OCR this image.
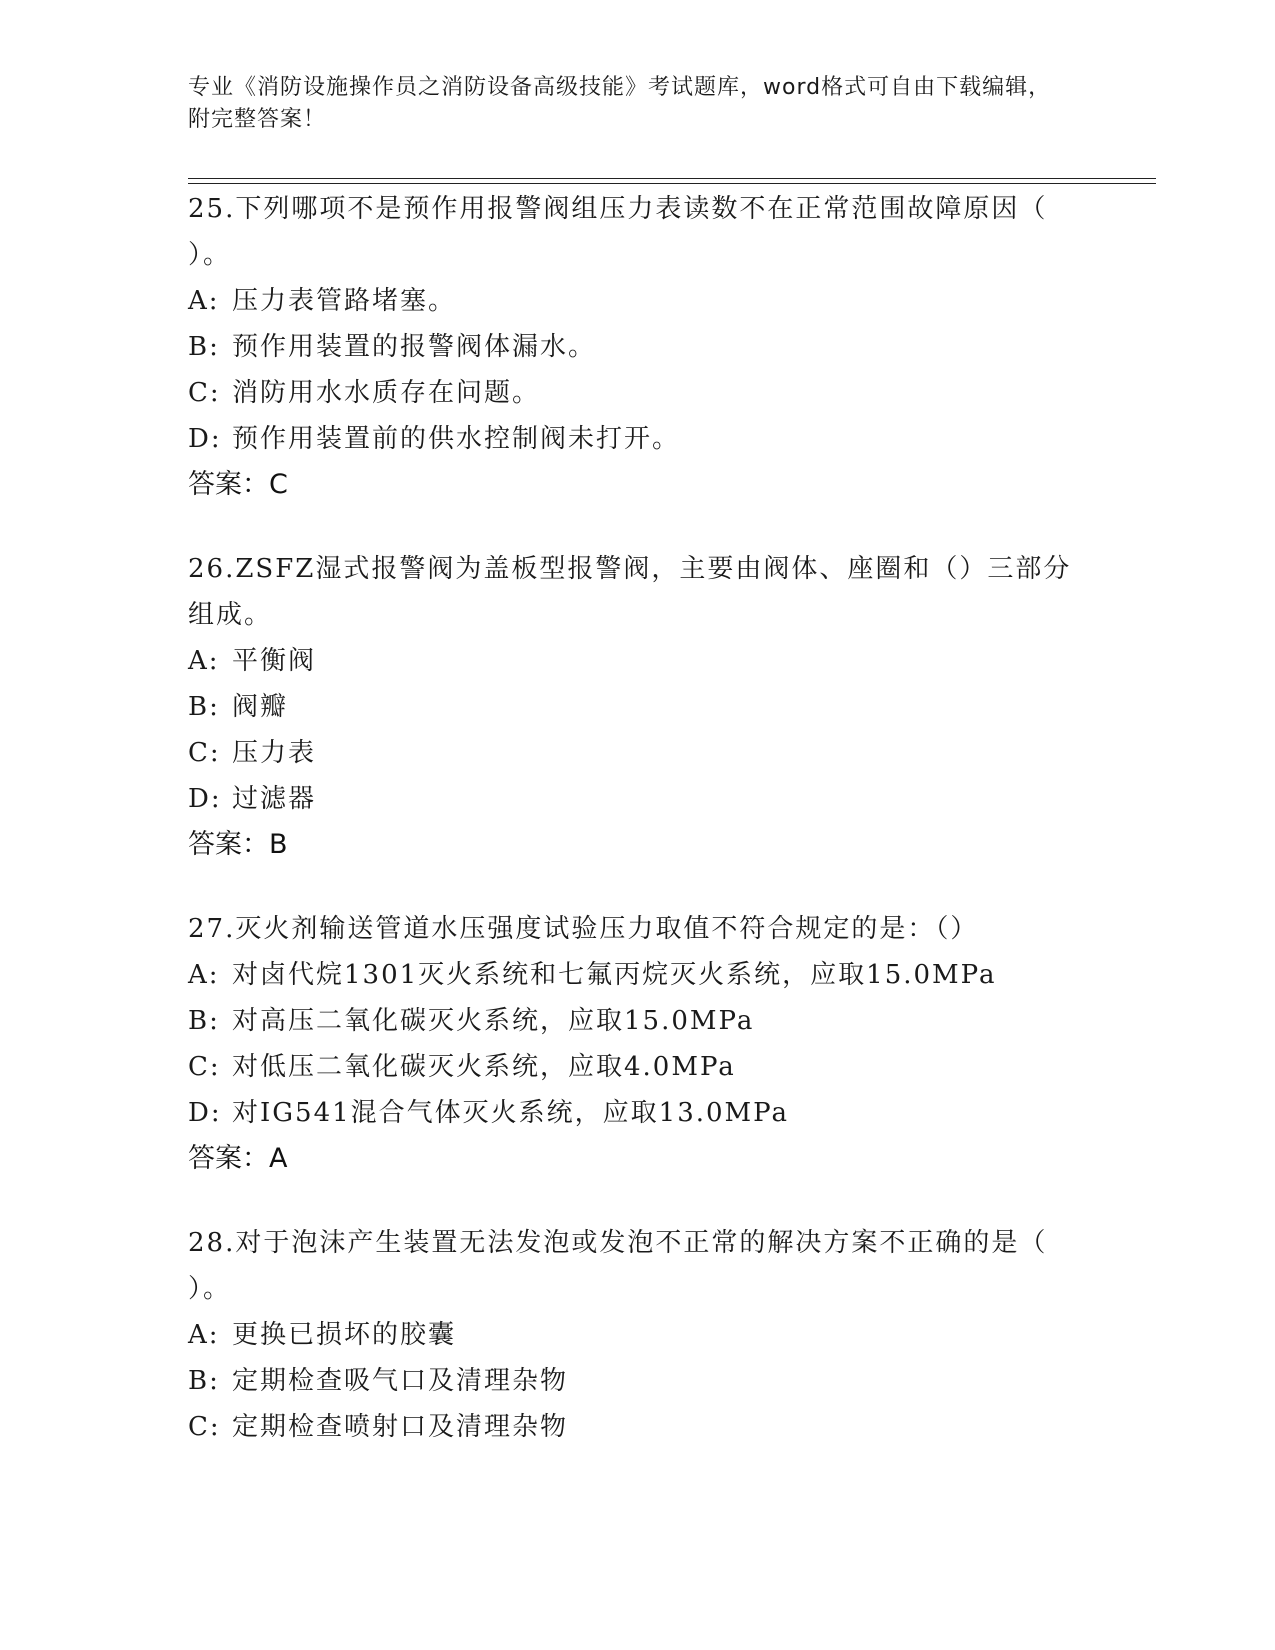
专业《消防设施操作员之消防设备高级技能》考试题库，word格式可自由下载编辑，附完整答案！

25.下列哪项不是预作用报警阀组压力表读数不在正常范围故障原因（ ）。

A: 压力表管路堵塞。

B: 预作用装置的报警阀体漏水。

C: 消防用水水质存在问题。

D: 预作用装置前的供水控制阀未打开。

答案：C

26.ZSFZ湿式报警阀为盖板型报警阀，主要由阀体、座圈和（）三部分组成。

A: 平衡阀

B: 阀瓣

C: 压力表

D: 过滤器

答案：B

27.灭火剂输送管道水压强度试验压力取值不符合规定的是：（）

A: 对卤代烷1301灭火系统和七氟丙烷灭火系统，应取15.0MPa

B: 对高压二氧化碳灭火系统，应取15.0MPa

C: 对低压二氧化碳灭火系统，应取4.0MPa

D: 对IG541混合气体灭火系统，应取13.0MPa

答案：A

28.对于泡沫产生装置无法发泡或发泡不正常的解决方案不正确的是（ ）。

A: 更换已损坏的胶囊

B: 定期检查吸气口及清理杂物

C: 定期检查喷射口及清理杂物
